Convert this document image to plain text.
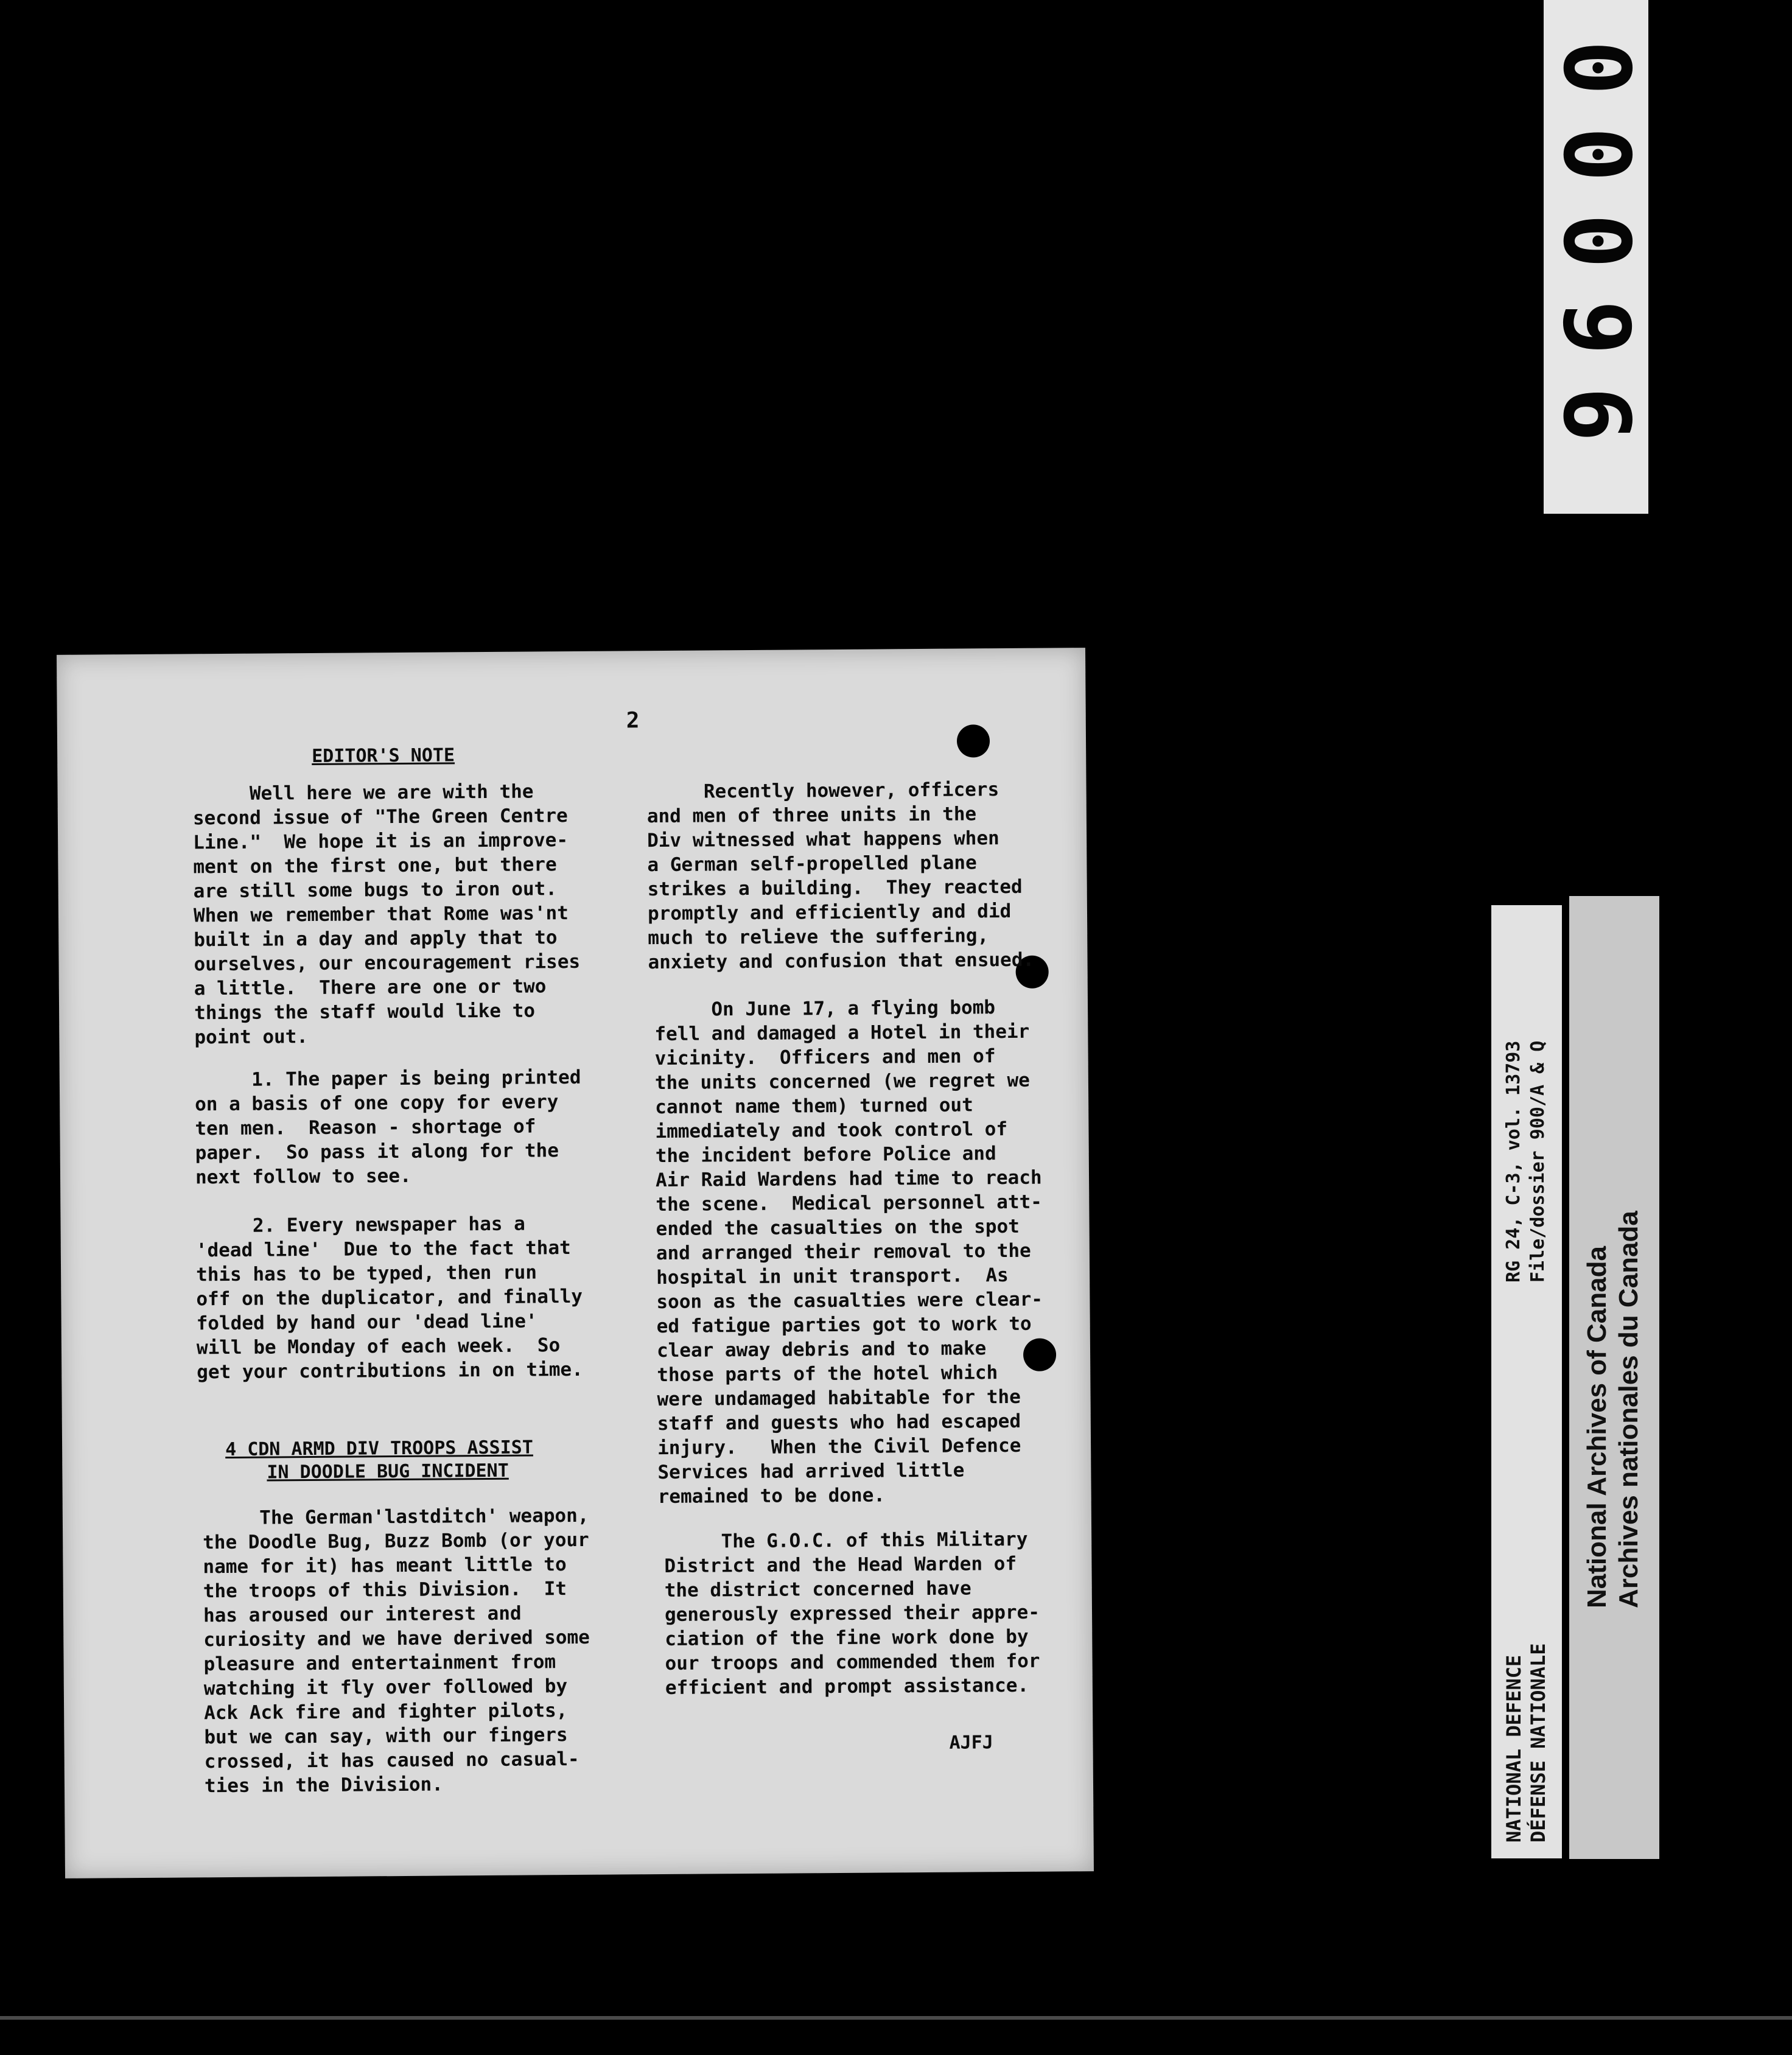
00096
NATIONAL DEFENCE DÉFENSE NATIONALE
RG 24, C-3, vol. 13793 File/dossier 900/A & Q
National Archives of Canada Archives nationales du Canada
2
EDITOR'S NOTE
Well here we are with the
second issue of "The Green Centre
Line."  We hope it is an improve-
ment on the first one, but there
are still some bugs to iron out.
When we remember that Rome was'nt
built in a day and apply that to
ourselves, our encouragement rises
a little.  There are one or two
things the staff would like to
point out.
1. The paper is being printed
on a basis of one copy for every
ten men.  Reason - shortage of
paper.  So pass it along for the
next follow to see.
2. Every newspaper has a
'dead line'  Due to the fact that
this has to be typed, then run
off on the duplicator, and finally
folded by hand our 'dead line'
will be Monday of each week.  So
get your contributions in on time.
4 CDN ARMD DIV TROOPS ASSIST
IN DOODLE BUG INCIDENT
The German'lastditch' weapon,
the Doodle Bug, Buzz Bomb (or your
name for it) has meant little to
the troops of this Division.  It
has aroused our interest and
curiosity and we have derived some
pleasure and entertainment from
watching it fly over followed by
Ack Ack fire and fighter pilots,
but we can say, with our fingers
crossed, it has caused no casual-
ties in the Division.
Recently however, officers
and men of three units in the
Div witnessed what happens when
a German self-propelled plane
strikes a building.  They reacted
promptly and efficiently and did
much to relieve the suffering,
anxiety and confusion that ensued.
On June 17, a flying bomb
fell and damaged a Hotel in their
vicinity.  Officers and men of
the units concerned (we regret we
cannot name them) turned out
immediately and took control of
the incident before Police and
Air Raid Wardens had time to reach
the scene.  Medical personnel att-
ended the casualties on the spot
and arranged their removal to the
hospital in unit transport.  As
soon as the casualties were clear-
ed fatigue parties got to work to
clear away debris and to make
those parts of the hotel which
were undamaged habitable for the
staff and guests who had escaped
injury.   When the Civil Defence
Services had arrived little
remained to be done.
The G.O.C. of this Military
District and the Head Warden of
the district concerned have
generously expressed their appre-
ciation of the fine work done by
our troops and commended them for
efficient and prompt assistance.
AJFJ
